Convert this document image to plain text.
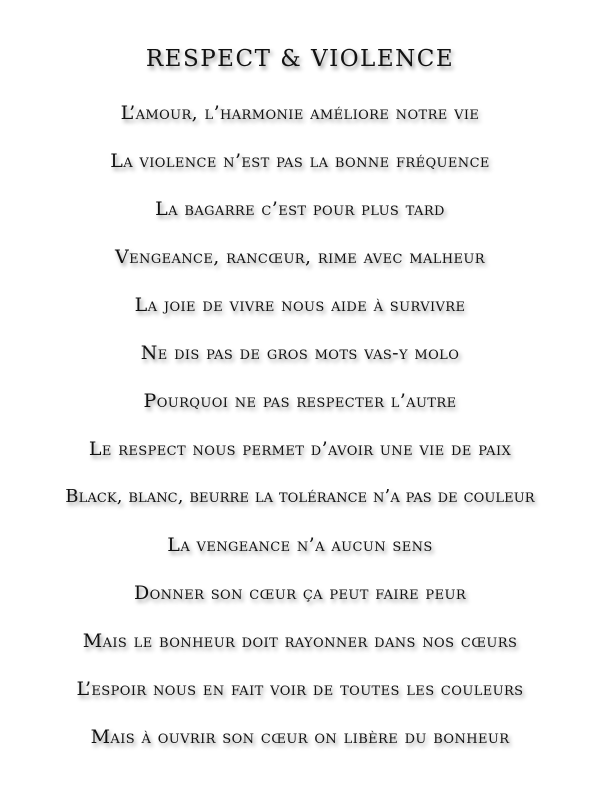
RESPECT & VIOLENCE
L’amour, l’harmonie améliore notre vie
La violence n’est pas la bonne fréquence
La bagarre c’est pour plus tard
Vengeance, rancœur, rime avec malheur
La joie de vivre nous aide à survivre
Ne dis pas de gros mots vas-y molo
Pourquoi ne pas respecter l’autre
Le respect nous permet d’avoir une vie de paix
Black, blanc, beurre la tolérance n’a pas de couleur
La vengeance n’a aucun sens
Donner son cœur ça peut faire peur
Mais le bonheur doit rayonner dans nos cœurs
L’espoir nous en fait voir de toutes les couleurs
Mais à ouvrir son cœur on libère du bonheur
